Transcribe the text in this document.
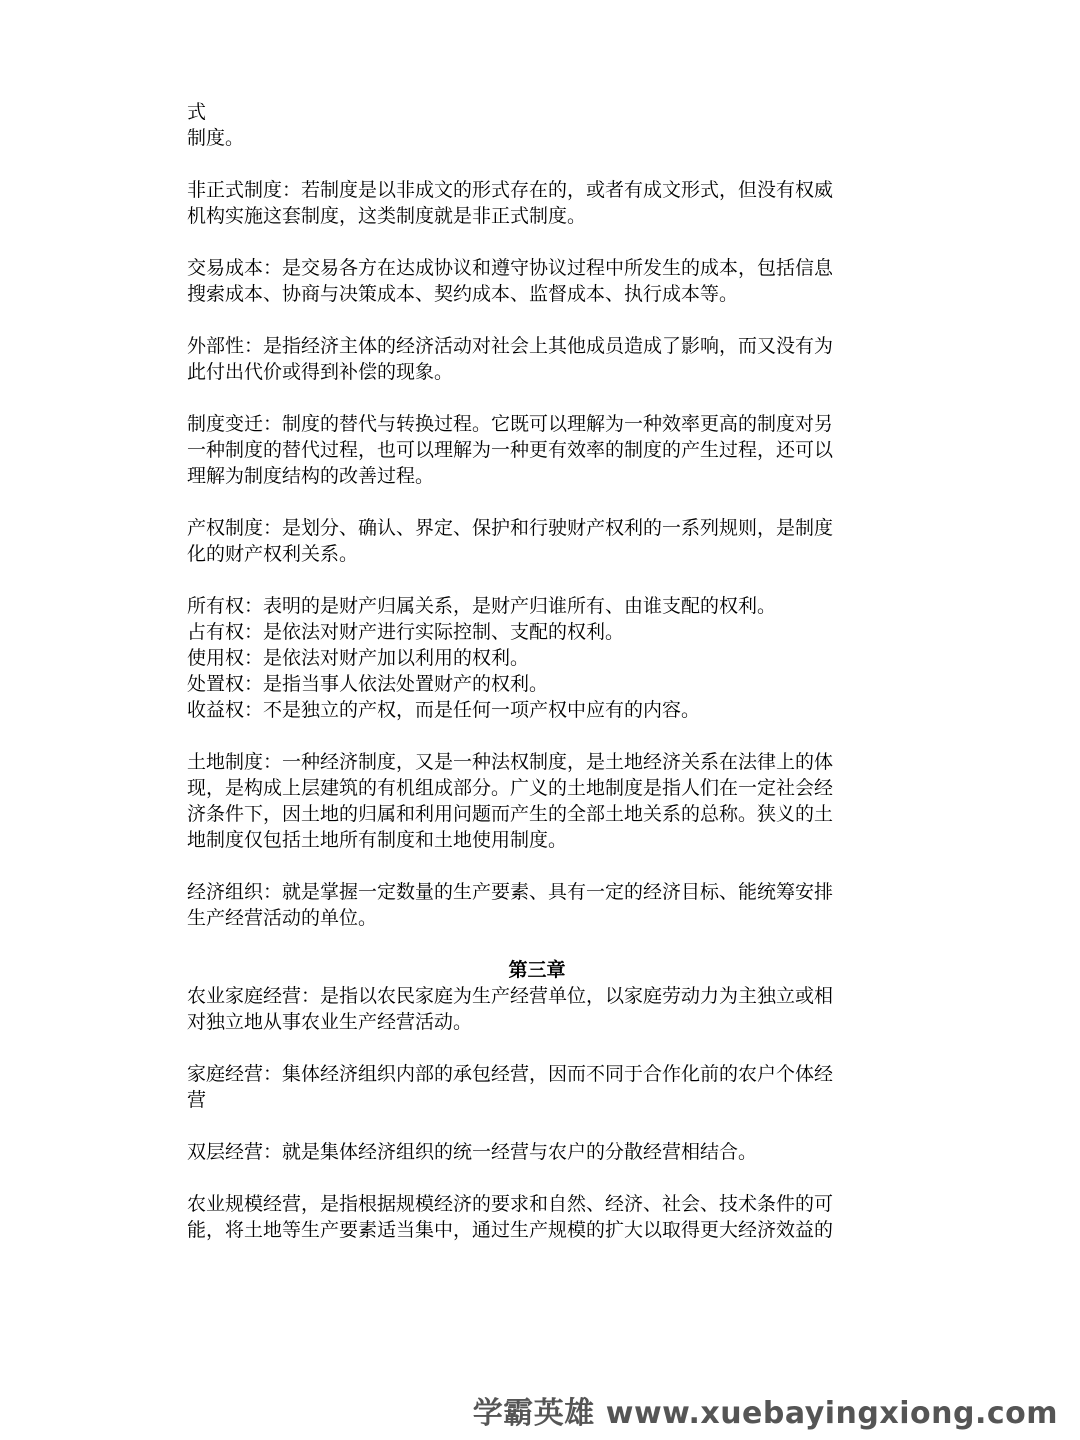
式
制度。
非正式制度：若制度是以非成文的形式存在的，或者有成文形式，但没有权威
机构实施这套制度，这类制度就是非正式制度。
交易成本：是交易各方在达成协议和遵守协议过程中所发生的成本，包括信息
搜索成本、协商与决策成本、契约成本、监督成本、执行成本等。
外部性：是指经济主体的经济活动对社会上其他成员造成了影响，而又没有为
此付出代价或得到补偿的现象。
制度变迁：制度的替代与转换过程。它既可以理解为一种效率更高的制度对另
一种制度的替代过程，也可以理解为一种更有效率的制度的产生过程，还可以
理解为制度结构的改善过程。
产权制度：是划分、确认、界定、保护和行驶财产权利的一系列规则，是制度
化的财产权利关系。
所有权：表明的是财产归属关系，是财产归谁所有、由谁支配的权利。
占有权：是依法对财产进行实际控制、支配的权利。
使用权：是依法对财产加以利用的权利。
处置权：是指当事人依法处置财产的权利。
收益权：不是独立的产权，而是任何一项产权中应有的内容。
土地制度：一种经济制度，又是一种法权制度，是土地经济关系在法律上的体
现，是构成上层建筑的有机组成部分。广义的土地制度是指人们在一定社会经
济条件下，因土地的归属和利用问题而产生的全部土地关系的总称。狭义的土
地制度仅包括土地所有制度和土地使用制度。
经济组织：就是掌握一定数量的生产要素、具有一定的经济目标、能统筹安排
生产经营活动的单位。
第三章
农业家庭经营：是指以农民家庭为生产经营单位，以家庭劳动力为主独立或相
对独立地从事农业生产经营活动。
家庭经营：集体经济组织内部的承包经营，因而不同于合作化前的农户个体经
营
双层经营：就是集体经济组织的统一经营与农户的分散经营相结合。
农业规模经营，是指根据规模经济的要求和自然、经济、社会、技术条件的可
能，将土地等生产要素适当集中，通过生产规模的扩大以取得更大经济效益的
学霸英雄 www.xuebayingxiong.com
